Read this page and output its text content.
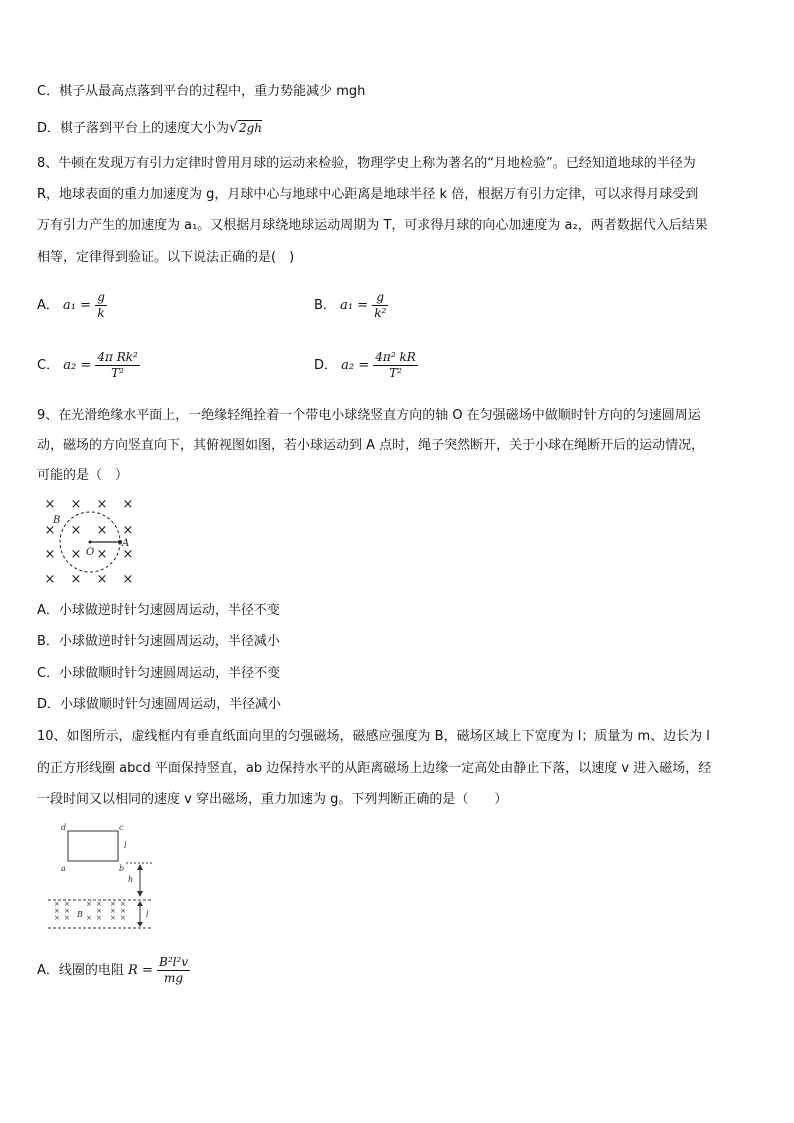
C．棋子从最高点落到平台的过程中，重力势能减少 mgh
D．棋子落到平台上的速度大小为√2gh
8、牛顿在发现万有引力定律时曾用月球的运动来检验，物理学史上称为著名的“月地检验”。已经知道地球的半径为
R，地球表面的重力加速度为 g，月球中心与地球中心距离是地球半径 k 倍，根据万有引力定律，可以求得月球受到
万有引力产生的加速度为 a₁。又根据月球绕地球运动周期为 T，可求得月球的向心加速度为 a₂，两者数据代入后结果
相等，定律得到验证。以下说法正确的是(　)
A． $a_1 = \frac{g}{k}$	B． $a_1 = \frac{g}{\text{k²}}$
C． $a_2 = \frac{\text{4π Rk²}}{\text{T²}}$	D． $a_2 = \frac{\text{4π² kR}}{\text{T²}}$
9、在光滑绝缘水平面上，一绝缘轻绳拴着一个带电小球绕竖直方向的轴 O 在匀强磁场中做顺时针方向的匀速圆周运
动，磁场的方向竖直向下，其俯视图如图，若小球运动到 A 点时，绳子突然断开，关于小球在绳断开后的运动情况，
可能的是（　）
× × × ×
× × × ×
× × × ×
× × × ×
B
O
A
A．小球做逆时针匀速圆周运动，半径不变
B．小球做逆时针匀速圆周运动，半径减小
C．小球做顺时针匀速圆周运动，半径不变
D．小球做顺时针匀速圆周运动，半径减小
10、如图所示，虚线框内有垂直纸面向里的匀强磁场，磁感应强度为 B，磁场区域上下宽度为 l；质量为 m、边长为 l
的正方形线圈 abcd 平面保持竖直，ab 边保持水平的从距离磁场上边缘一定高处由静止下落，以速度 v 进入磁场，经
一段时间又以相同的速度 v 穿出磁场，重力加速为 g。下列判断正确的是（　　）
d	c
a	b
l
h
l
B
× × × × × ×
× ×	× × ×
× × × × × ×
A．线圈的电阻 $R = \frac{\text{B²l²v}}{mg}$
